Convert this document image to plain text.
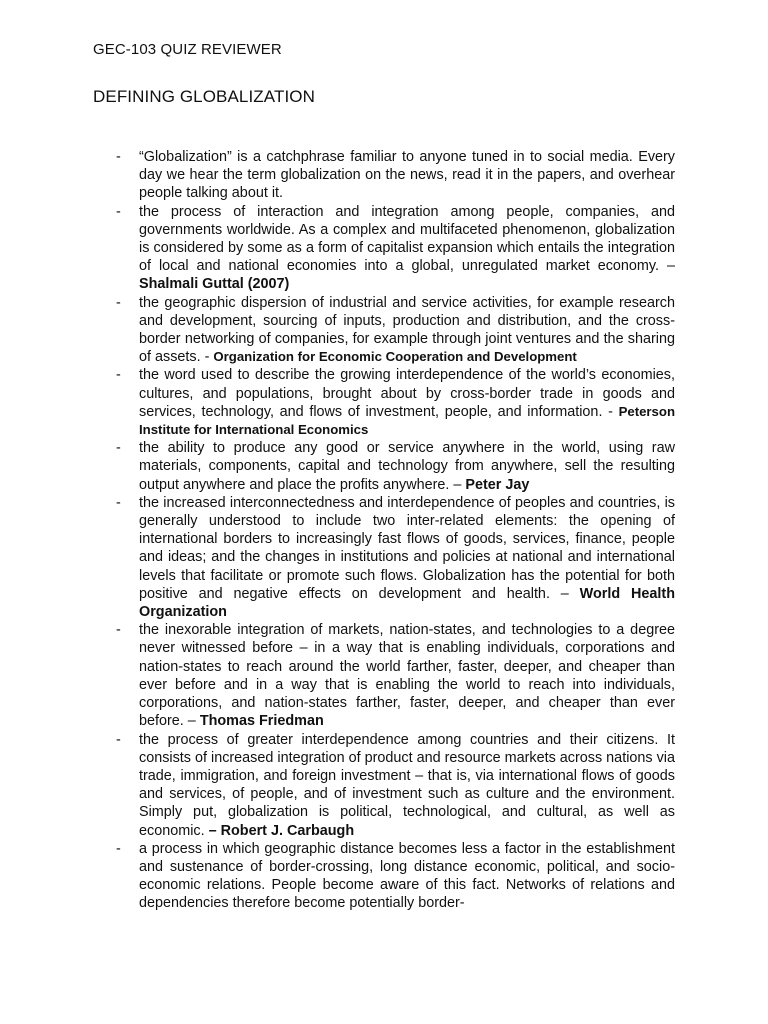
GEC-103 QUIZ REVIEWER
DEFINING GLOBALIZATION
- “Globalization” is a catchphrase familiar to anyone tuned in to social media. Every day we hear the term globalization on the news, read it in the papers, and overhear people talking about it.
- the process of interaction and integration among people, companies, and governments worldwide. As a complex and multifaceted phenomenon, globalization is considered by some as a form of capitalist expansion which entails the integration of local and national economies into a global, unregulated market economy. – Shalmali Guttal (2007)
- the geographic dispersion of industrial and service activities, for example research and development, sourcing of inputs, production and distribution, and the cross-border networking of companies, for example through joint ventures and the sharing of assets. - Organization for Economic Cooperation and Development
- the word used to describe the growing interdependence of the world’s economies, cultures, and populations, brought about by cross-border trade in goods and services, technology, and flows of investment, people, and information. - Peterson Institute for International Economics
- the ability to produce any good or service anywhere in the world, using raw materials, components, capital and technology from anywhere, sell the resulting output anywhere and place the profits anywhere. – Peter Jay
- the increased interconnectedness and interdependence of peoples and countries, is generally understood to include two inter-related elements: the opening of international borders to increasingly fast flows of goods, services, finance, people and ideas; and the changes in institutions and policies at national and international levels that facilitate or promote such flows. Globalization has the potential for both positive and negative effects on development and health. – World Health Organization
- the inexorable integration of markets, nation-states, and technologies to a degree never witnessed before – in a way that is enabling individuals, corporations and nation-states to reach around the world farther, faster, deeper, and cheaper than ever before and in a way that is enabling the world to reach into individuals, corporations, and nation-states farther, faster, deeper, and cheaper than ever before. – Thomas Friedman
- the process of greater interdependence among countries and their citizens. It consists of increased integration of product and resource markets across nations via trade, immigration, and foreign investment – that is, via international flows of goods and services, of people, and of investment such as culture and the environment. Simply put, globalization is political, technological, and cultural, as well as economic. – Robert J. Carbaugh
- a process in which geographic distance becomes less a factor in the establishment and sustenance of border-crossing, long distance economic, political, and socio-economic relations. People become aware of this fact. Networks of relations and dependencies therefore become potentially border-
